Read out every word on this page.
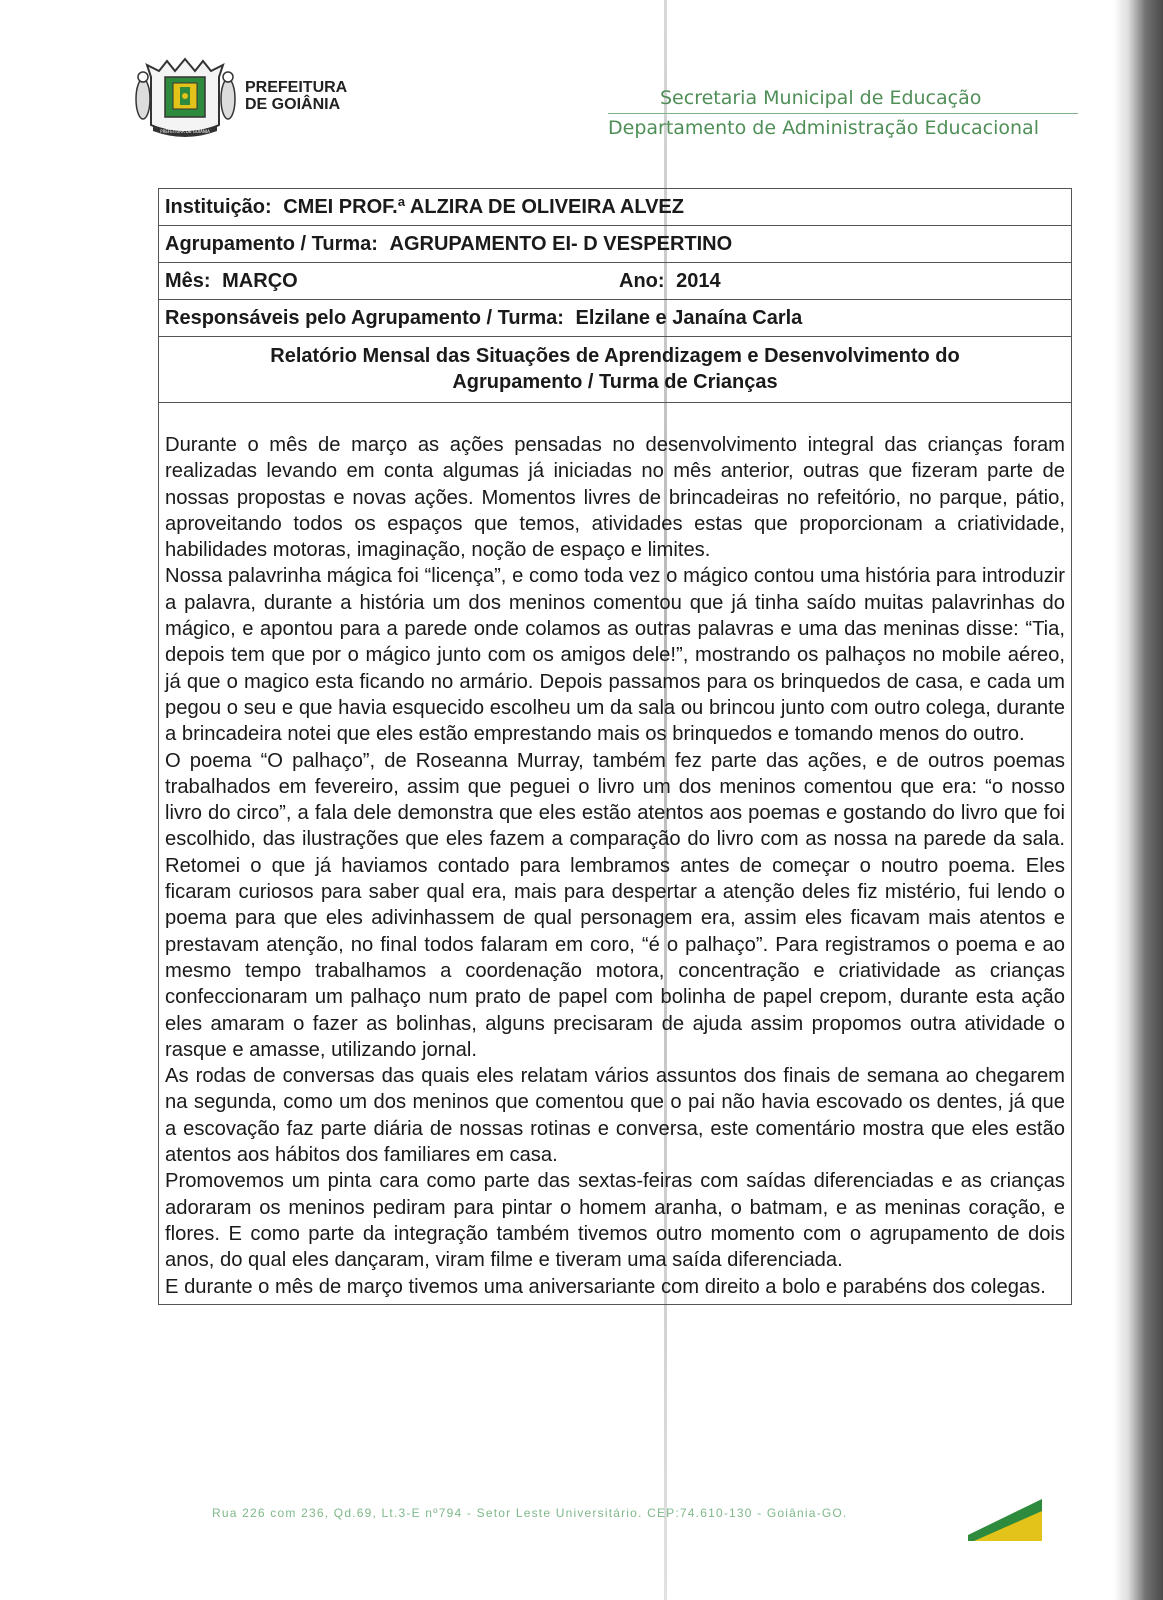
PREFEITURA DE GOIÂNIA
PREFEITURA
DE GOIÂNIA	Secretaria Municipal de Educação
Departamento de Administração Educacional
Instituição: CMEI PROF.ª ALZIRA DE OLIVEIRA ALVEZ
Agrupamento / Turma: AGRUPAMENTO EI- D VESPERTINO
Mês: MARÇO	Ano: 2014
Responsáveis pelo Agrupamento / Turma: Elzilane e Janaína Carla
Relatório Mensal das Situações de Aprendizagem e Desenvolvimento do
Agrupamento / Turma de Crianças

Durante o mês de março as ações pensadas no desenvolvimento integral das crianças foram realizadas levando em conta algumas já iniciadas no mês anterior, outras que fizeram parte de nossas propostas e novas ações. Momentos livres de brincadeiras no refeitório, no parque, pátio, aproveitando todos os espaços que temos, atividades estas que proporcionam a criatividade, habilidades motoras, imaginação, noção de espaço e limites.

Nossa palavrinha mágica foi “licença”, e como toda vez o mágico contou uma história para introduzir a palavra, durante a história um dos meninos comentou que já tinha saído muitas palavrinhas do mágico, e apontou para a parede onde colamos as outras palavras e uma das meninas disse: “Tia, depois tem que por o mágico junto com os amigos dele!”, mostrando os palhaços no mobile aéreo, já que o magico esta ficando no armário. Depois passamos para os brinquedos de casa, e cada um pegou o seu e que havia esquecido escolheu um da sala ou brincou junto com outro colega, durante a brincadeira notei que eles estão emprestando mais os brinquedos e tomando menos do outro.

O poema “O palhaço”, de Roseanna Murray, também fez parte das ações, e de outros poemas trabalhados em fevereiro, assim que peguei o livro um dos meninos comentou que era: “o nosso livro do circo”, a fala dele demonstra que eles estão atentos aos poemas e gostando do livro que foi escolhido, das ilustrações que eles fazem a comparação do livro com as nossa na parede da sala. Retomei o que já haviamos contado para lembramos antes de começar o noutro poema. Eles ficaram curiosos para saber qual era, mais para despertar a atenção deles fiz mistério, fui lendo o poema para que eles adivinhassem de qual personagem era, assim eles ficavam mais atentos e prestavam atenção, no final todos falaram em coro, “é o palhaço”. Para registramos o poema e ao mesmo tempo trabalhamos a coordenação motora, concentração e criatividade as crianças confeccionaram um palhaço num prato de papel com bolinha de papel crepom, durante esta ação eles amaram o fazer as bolinhas, alguns precisaram de ajuda assim propomos outra atividade o rasque e amasse, utilizando jornal.

As rodas de conversas das quais eles relatam vários assuntos dos finais de semana ao chegarem na segunda, como um dos meninos que comentou que o pai não havia escovado os dentes, já que a escovação faz parte diária de nossas rotinas e conversa, este comentário mostra que eles estão atentos aos hábitos dos familiares em casa.

Promovemos um pinta cara como parte das sextas-feiras com saídas diferenciadas e as crianças adoraram os meninos pediram para pintar o homem aranha, o batmam, e as meninas coração, e flores. E como parte da integração também tivemos outro momento com o agrupamento de dois anos, do qual eles dançaram, viram filme e tiveram uma saída diferenciada.

E durante o mês de março tivemos uma aniversariante com direito a bolo e parabéns dos colegas.

Rua 226 com 236, Qd.69, Lt.3-E nº794 - Setor Leste Universitário. CEP:74.610-130 - Goiânia-GO.
